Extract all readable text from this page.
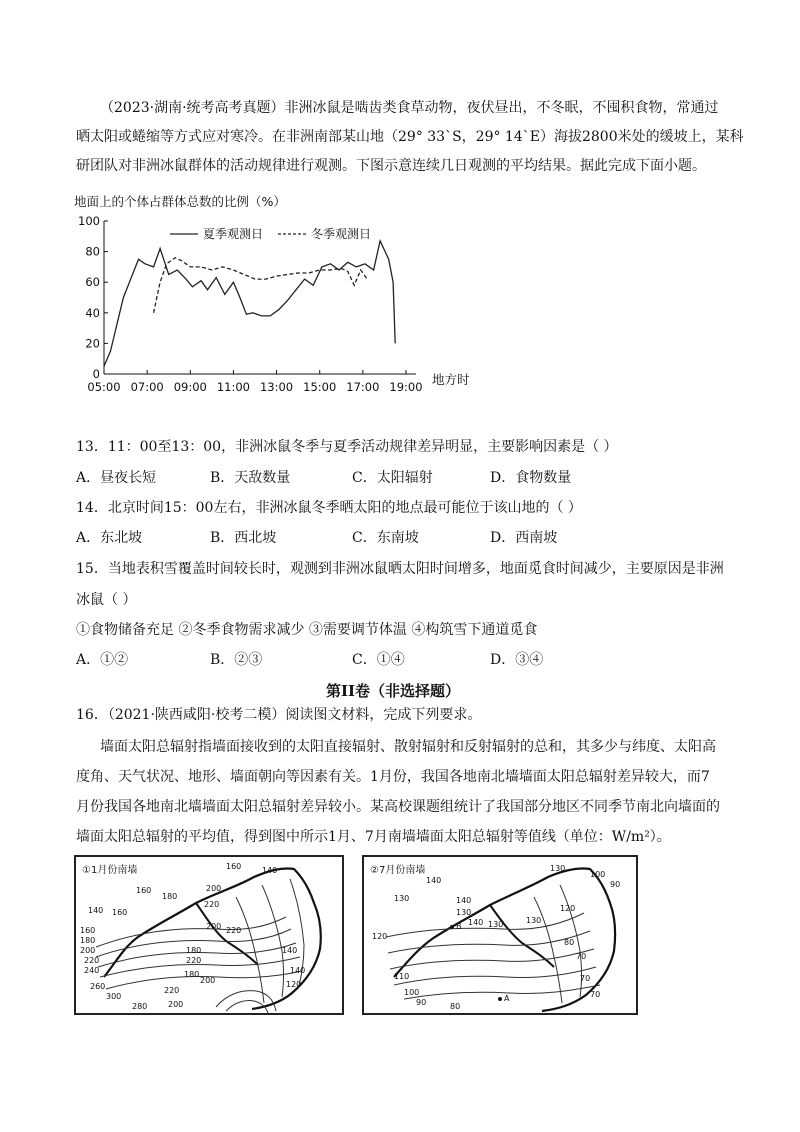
（2023·湖南·统考高考真题）非洲冰鼠是啮齿类食草动物，夜伏昼出，不冬眠，不囤积食物，常通过
晒太阳或蜷缩等方式应对寒冷。在非洲南部某山地（29° 33`S，29° 14`E）海拔2800米处的缓坡上，某科
研团队对非洲冰鼠群体的活动规律进行观测。下图示意连续几日观测的平均结果。据此完成下面小题。
地面上的个体占群体总数的比例（%）
0
20
40
60
80
100
05:00 07:00 09:00 11:00 13:00 15:00 17:00 19:00
夏季观测日	冬季观测日
地方时
13．11：00至13：00，非洲冰鼠冬季与夏季活动规律差异明显，主要影响因素是（ ）
A．昼夜长短	B．天敌数量	C．太阳辐射	D．食物数量
14．北京时间15：00左右，非洲冰鼠冬季晒太阳的地点最可能位于该山地的（ ）
A．东北坡	B．西北坡	C．东南坡	D．西南坡
15．当地表积雪覆盖时间较长时，观测到非洲冰鼠晒太阳时间增多，地面觅食时间减少，主要原因是非洲
冰鼠（ ）
①食物储备充足 ②冬季食物需求减少 ③需要调节体温 ④构筑雪下通道觅食
A．①②	B．②③	C．①④	D．③④
第II卷（非选择题）
16．（2021·陕西咸阳·校考二模）阅读图文材料，完成下列要求。
墙面太阳总辐射指墙面接收到的太阳直接辐射、散射辐射和反射辐射的总和，其多少与纬度、太阳高
度角、天气状况、地形、墙面朝向等因素有关。1月份，我国各地南北墙墙面太阳总辐射差异较大，而7
月份我国各地南北墙墙面太阳总辐射差异较小。某高校课题组统计了我国部分地区不同季节南北向墙面的
墙面太阳总辐射的平均值，得到图中所示1月、7月南墙墙面太阳总辐射等值线（单位：W/m²）。
①1月份南墙	160	140
160
180
200
220
140 160
160
180
200
220
200 220
180	140
240
220
260
180
200
220
140
120
300
280	200
②7月份南墙
140
130
100
90
130
120
140
130
B 140 130	130
120
80
110
70
70
100
90	80
A	70
